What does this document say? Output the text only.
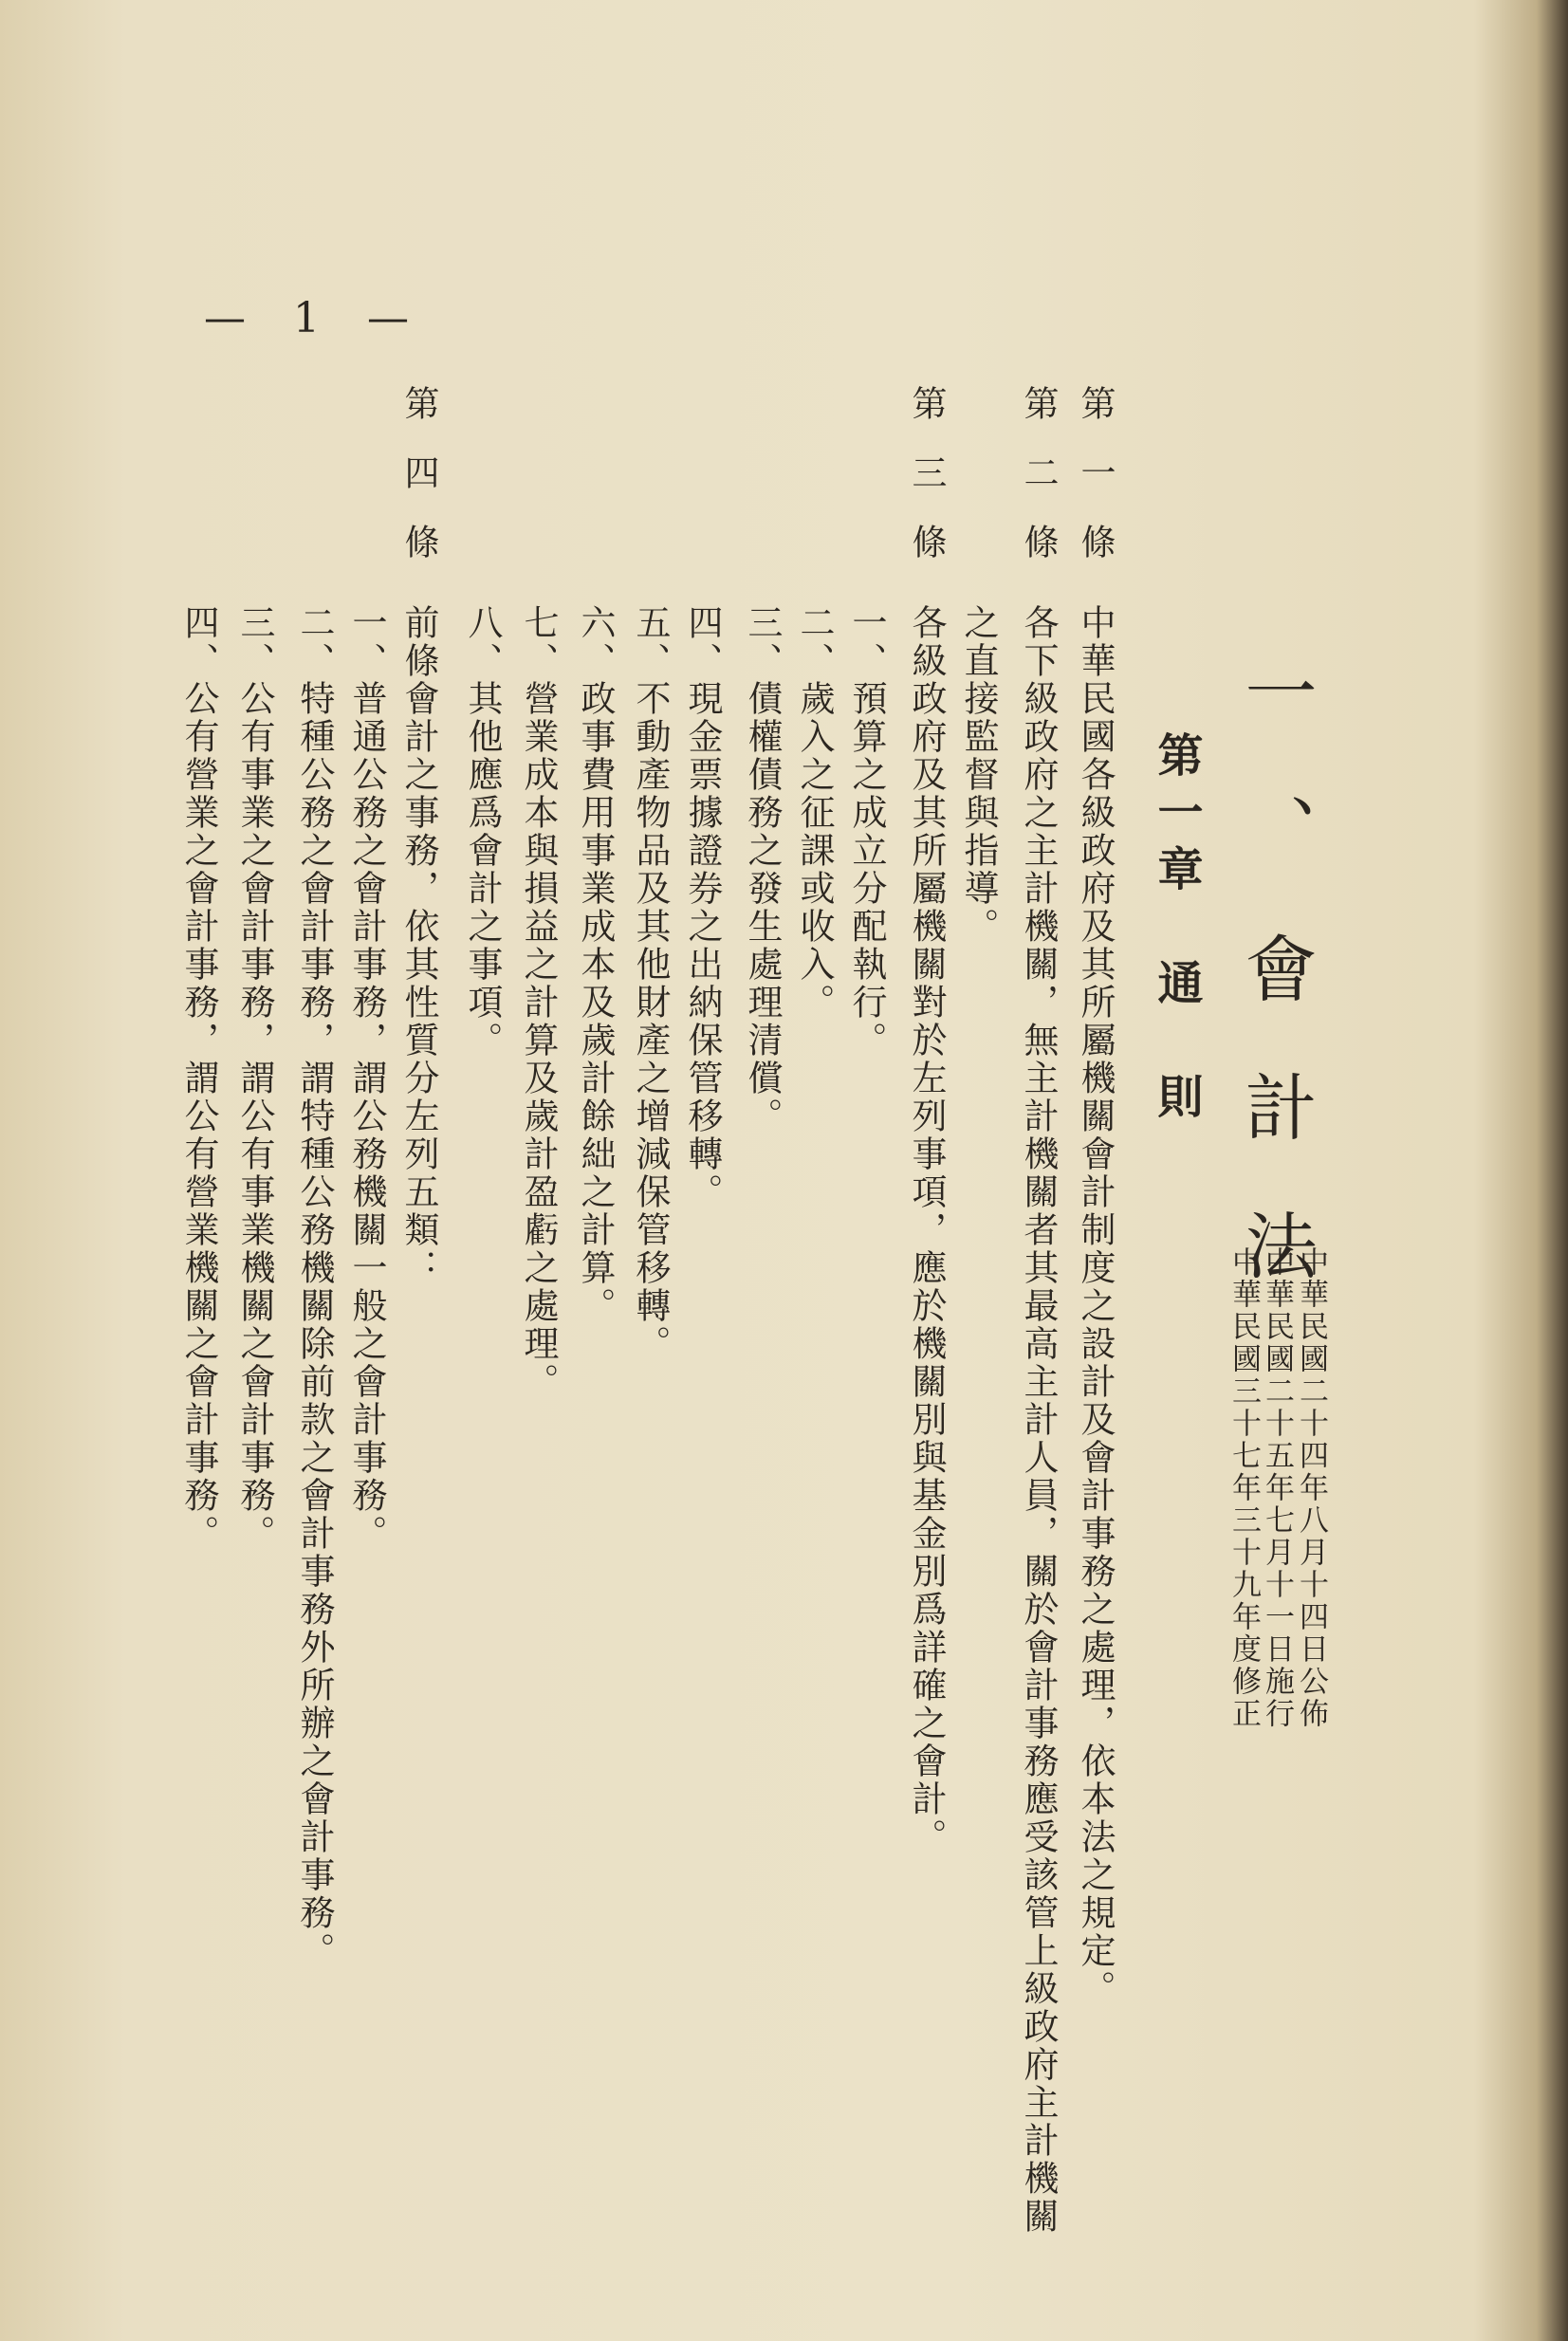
— 1 —
一、會計法
中華民國二十四年八月十四日公佈
中華民國二十五年七月十一日施行
中華民國三十七年三十九年度修正
第一章　通　則
第一條
中華民國各級政府及其所屬機關會計制度之設計及會計事務之處理，依本法之規定。
第二條
各下級政府之主計機關，無主計機關者其最高主計人員，關於會計事務應受該管上級政府主計機關
之直接監督與指導。
第三條
各級政府及其所屬機關對於左列事項，應於機關別與基金別爲詳確之會計。
一、預算之成立分配執行。
二、歲入之征課或收入。
三、債權債務之發生處理清償。
四、現金票據證券之出納保管移轉。
五、不動產物品及其他財產之增減保管移轉。
六、政事費用事業成本及歲計餘絀之計算。
七、營業成本與損益之計算及歲計盈虧之處理。
八、其他應爲會計之事項。
第四條
前條會計之事務，依其性質分左列五類：
一、普通公務之會計事務，謂公務機關一般之會計事務。
二、特種公務之會計事務，謂特種公務機關除前款之會計事務外所辦之會計事務。
三、公有事業之會計事務，謂公有事業機關之會計事務。
四、公有營業之會計事務，謂公有營業機關之會計事務。
